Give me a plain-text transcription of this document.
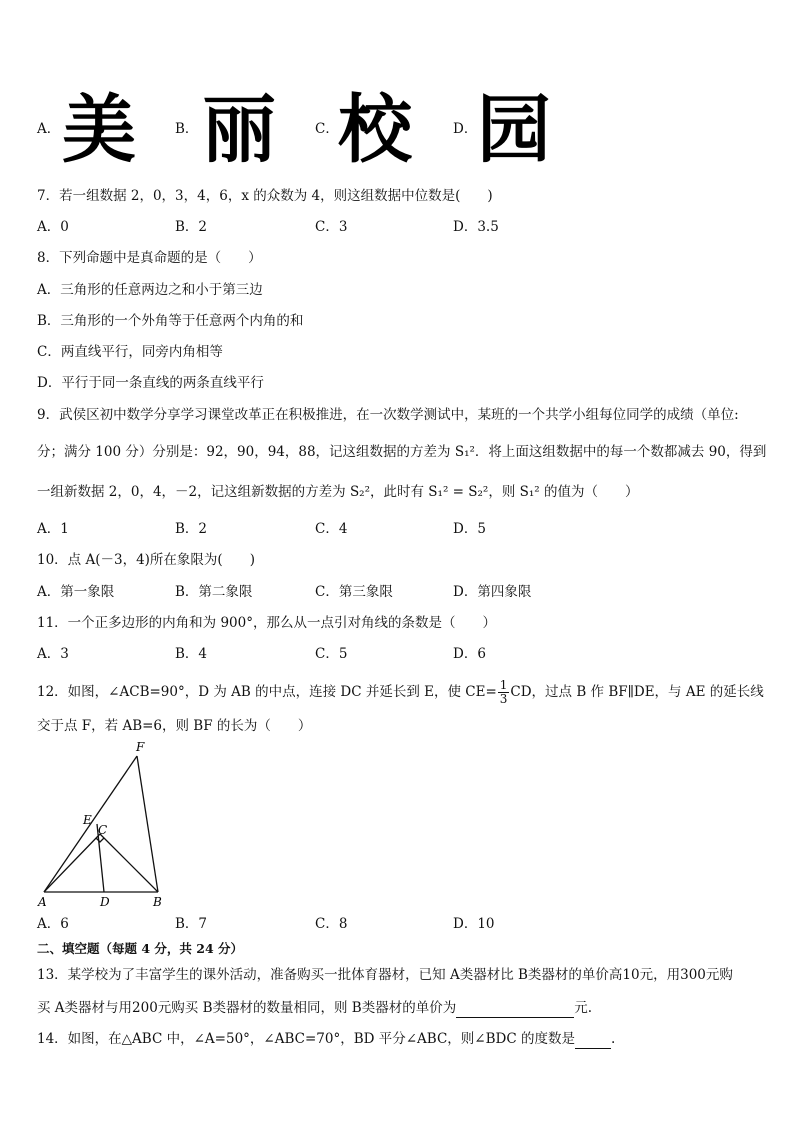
A． 美	B． 丽	C． 校	D． 园
7．若一组数据 2，0，3，4，6，x 的众数为 4，则这组数据中位数是(　　)
A．0	B．2	C．3	D．3.5
8．下列命题中是真命题的是（　　）
A．三角形的任意两边之和小于第三边
B．三角形的一个外角等于任意两个内角的和
C．两直线平行，同旁内角相等
D．平行于同一条直线的两条直线平行
9．武侯区初中数学分享学习课堂改革正在积极推进，在一次数学测试中，某班的一个共学小组每位同学的成绩（单位:
分；满分 100 分）分别是：92，90，94，88，记这组数据的方差为 S₁²．将上面这组数据中的每一个数都减去 90，得到
一组新数据 2，0，4，－2，记这组新数据的方差为 S₂²，此时有 S₁² = S₂²，则 S₁² 的值为（　　）
A．1	B．2	C．4	D．5
10．点 A(－3，4)所在象限为(　　)
A．第一象限	B．第二象限	C．第三象限	D．第四象限
11．一个正多边形的内角和为 900°，那么从一点引对角线的条数是（　　）
A．3	B．4	C．5	D．6
12．如图，∠ACB=90°，D 为 AB 的中点，连接 DC 并延长到 E，使 $CE= \frac{1}{3}$ CD，过点 B 作 BF∥DE，与 AE 的延长线
交于点 F，若 AB=6，则 BF 的长为（　　）
F
E
C
A	D	B
A．6	B．7	C．8	D．10
二、填空题（每题 4 分，共 24 分）
13．某学校为了丰富学生的课外活动，准备购买一批体育器材，已知 A类器材比 B类器材的单价高10元，用300元购
买 A类器材与用200元购买 B类器材的数量相同，则 B类器材的单价为	元.
14．如图，在△ABC 中，∠A=50°，∠ABC=70°，BD 平分∠ABC，则∠BDC 的度数是	.
